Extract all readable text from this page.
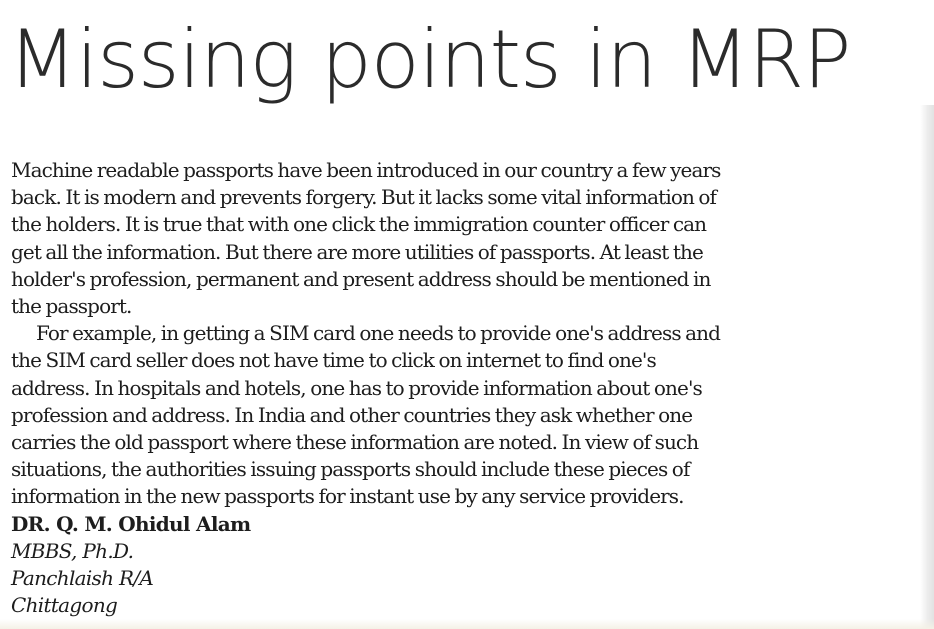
Missing points in MRP

Machine readable passports have been introduced in our country a few years
back. It is modern and prevents forgery. But it lacks some vital information of
the holders. It is true that with one click the immigration counter officer can
get all the information. But there are more utilities of passports. At least the
holder's profession, permanent and present address should be mentioned in
the passport.

For example, in getting a SIM card one needs to provide one's address and
the SIM card seller does not have time to click on internet to find one's
address. In hospitals and hotels, one has to provide information about one's
profession and address. In India and other countries they ask whether one
carries the old passport where these information are noted. In view of such
situations, the authorities issuing passports should include these pieces of
information in the new passports for instant use by any service providers.

DR. Q. M. Ohidul Alam
MBBS, Ph.D.
Panchlaish R/A
Chittagong
